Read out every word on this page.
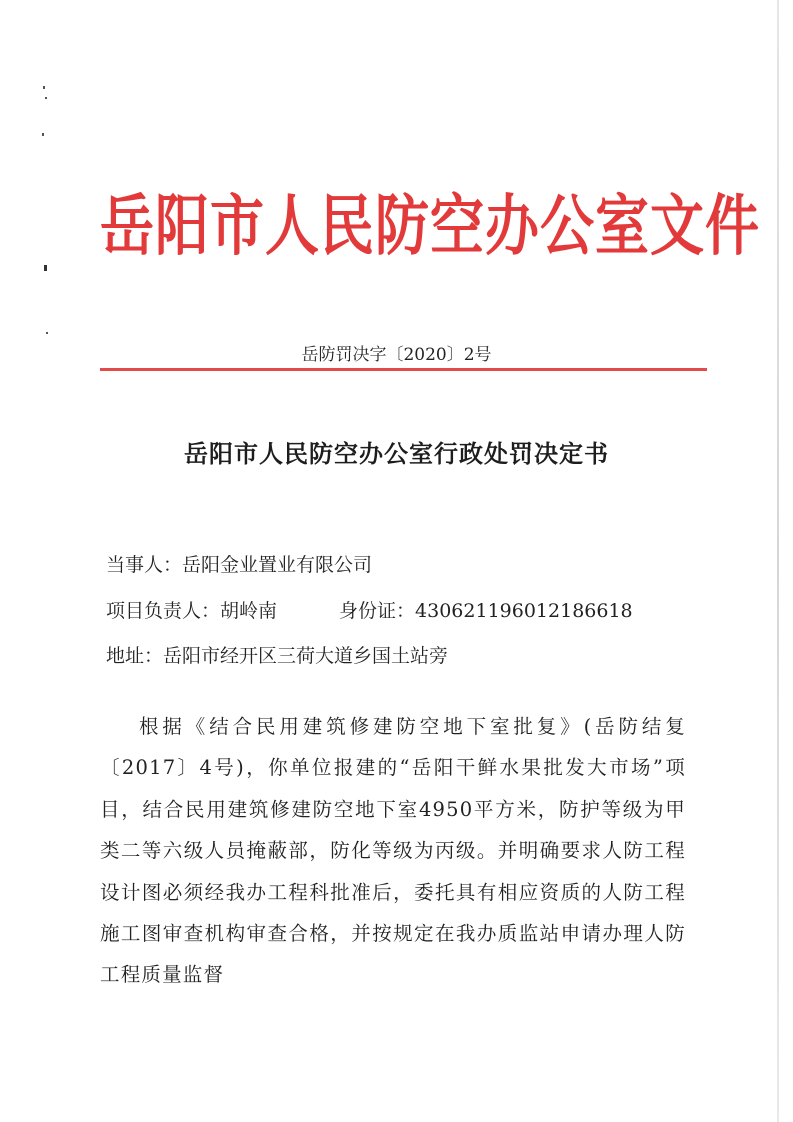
岳阳市人民防空办公室文件
岳防罚决字〔2020〕2号
岳阳市人民防空办公室行政处罚决定书
当事人：岳阳金业置业有限公司
项目负责人：胡岭南	身份证：430621196012186618
地址：岳阳市经开区三荷大道乡国土站旁
根据《结合民用建筑修建防空地下室批复》(岳防结复〔2017〕4号)，你单位报建的“岳阳干鲜水果批发大市场”项目，结合民用建筑修建防空地下室4950平方米，防护等级为甲类二等六级人员掩蔽部，防化等级为丙级。并明确要求人防工程设计图必须经我办工程科批准后，委托具有相应资质的人防工程施工图审查机构审查合格，并按规定在我办质监站申请办理人防工程质量监督
